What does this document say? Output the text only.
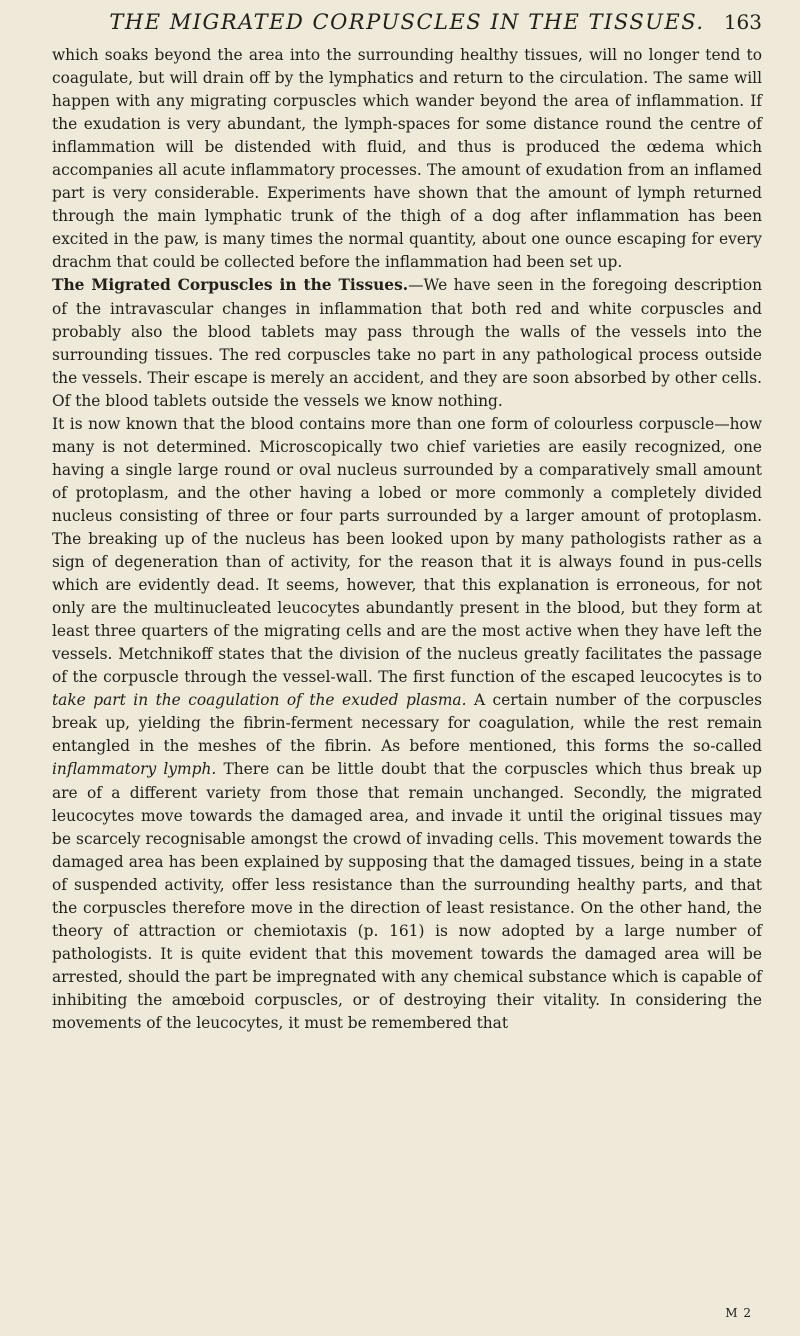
THE MIGRATED CORPUSCLES IN THE TISSUES. 163

which soaks beyond the area into the surrounding healthy tissues, will no longer tend to coagulate, but will drain off by the lymphatics and return to the circulation. The same will happen with any migrating corpuscles which wander beyond the area of inflammation. If the exudation is very abundant, the lymph-spaces for some distance round the centre of inflammation will be distended with fluid, and thus is produced the œdema which accompanies all acute inflammatory processes. The amount of exudation from an inflamed part is very considerable. Experiments have shown that the amount of lymph returned through the main lymphatic trunk of the thigh of a dog after inflammation has been excited in the paw, is many times the normal quantity, about one ounce escaping for every drachm that could be collected before the inflammation had been set up.

The Migrated Corpuscles in the Tissues.—We have seen in the foregoing description of the intravascular changes in inflammation that both red and white corpuscles and probably also the blood tablets may pass through the walls of the vessels into the surrounding tissues. The red corpuscles take no part in any pathological process outside the vessels. Their escape is merely an accident, and they are soon absorbed by other cells. Of the blood tablets outside the vessels we know nothing.

It is now known that the blood contains more than one form of colourless corpuscle—how many is not determined. Microscopically two chief varieties are easily recognized, one having a single large round or oval nucleus surrounded by a comparatively small amount of protoplasm, and the other having a lobed or more commonly a completely divided nucleus consisting of three or four parts surrounded by a larger amount of protoplasm. The breaking up of the nucleus has been looked upon by many pathologists rather as a sign of degeneration than of activity, for the reason that it is always found in pus-cells which are evidently dead. It seems, however, that this explanation is erroneous, for not only are the multinucleated leucocytes abundantly present in the blood, but they form at least three quarters of the migrating cells and are the most active when they have left the vessels. Metchnikoff states that the division of the nucleus greatly facilitates the passage of the corpuscle through the vessel-wall. The first function of the escaped leucocytes is to take part in the coagulation of the exuded plasma. A certain number of the corpuscles break up, yielding the fibrin-ferment necessary for coagulation, while the rest remain entangled in the meshes of the fibrin. As before mentioned, this forms the so-called inflammatory lymph. There can be little doubt that the corpuscles which thus break up are of a different variety from those that remain unchanged. Secondly, the migrated leucocytes move towards the damaged area, and invade it until the original tissues may be scarcely recognisable amongst the crowd of invading cells. This movement towards the damaged area has been explained by supposing that the damaged tissues, being in a state of suspended activity, offer less resistance than the surrounding healthy parts, and that the corpuscles therefore move in the direction of least resistance. On the other hand, the theory of attraction or chemiotaxis (p. 161) is now adopted by a large number of pathologists. It is quite evident that this movement towards the damaged area will be arrested, should the part be impregnated with any chemical substance which is capable of inhibiting the amœboid corpuscles, or of destroying their vitality. In considering the movements of the leucocytes, it must be remembered that

M 2
